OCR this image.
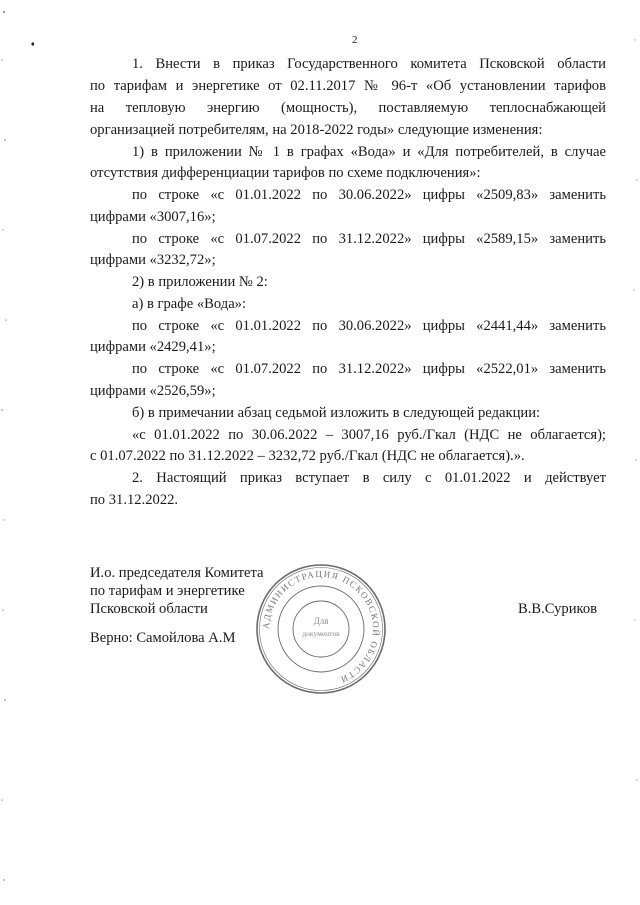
2
1. Внести в приказ Государственного комитета Псковской области
по тарифам и энергетике от 02.11.2017 № 96-т «Об установлении тарифов
на тепловую энергию (мощность), поставляемую теплоснабжающей
организацией потребителям, на 2018-2022 годы» следующие изменения:
1) в приложении № 1 в графах «Вода» и «Для потребителей, в случае
отсутствия дифференциации тарифов по схеме подключения»:
по строке «с 01.01.2022 по 30.06.2022» цифры «2509,83» заменить
цифрами «3007,16»;
по строке «с 01.07.2022 по 31.12.2022» цифры «2589,15» заменить
цифрами «3232,72»;
2) в приложении № 2:
а) в графе «Вода»:
по строке «с 01.01.2022 по 30.06.2022» цифры «2441,44» заменить
цифрами «2429,41»;
по строке «с 01.07.2022 по 31.12.2022» цифры «2522,01» заменить
цифрами «2526,59»;
б) в примечании абзац седьмой изложить в следующей редакции:
«с 01.01.2022 по 30.06.2022 – 3007,16 руб./Гкал (НДС не облагается);
с 01.07.2022 по 31.12.2022 – 3232,72 руб./Гкал (НДС не облагается).».
2. Настоящий приказ вступает в силу с 01.01.2022 и действует
по 31.12.2022.
И.о. председателя Комитета
по тарифам и энергетике
Псковской области	В.В.Суриков
Верно: Самойлова А.М
АДМИНИСТРАЦИЯ ПСКОВСКОЙ ОБЛАСТИ
Для
документов
